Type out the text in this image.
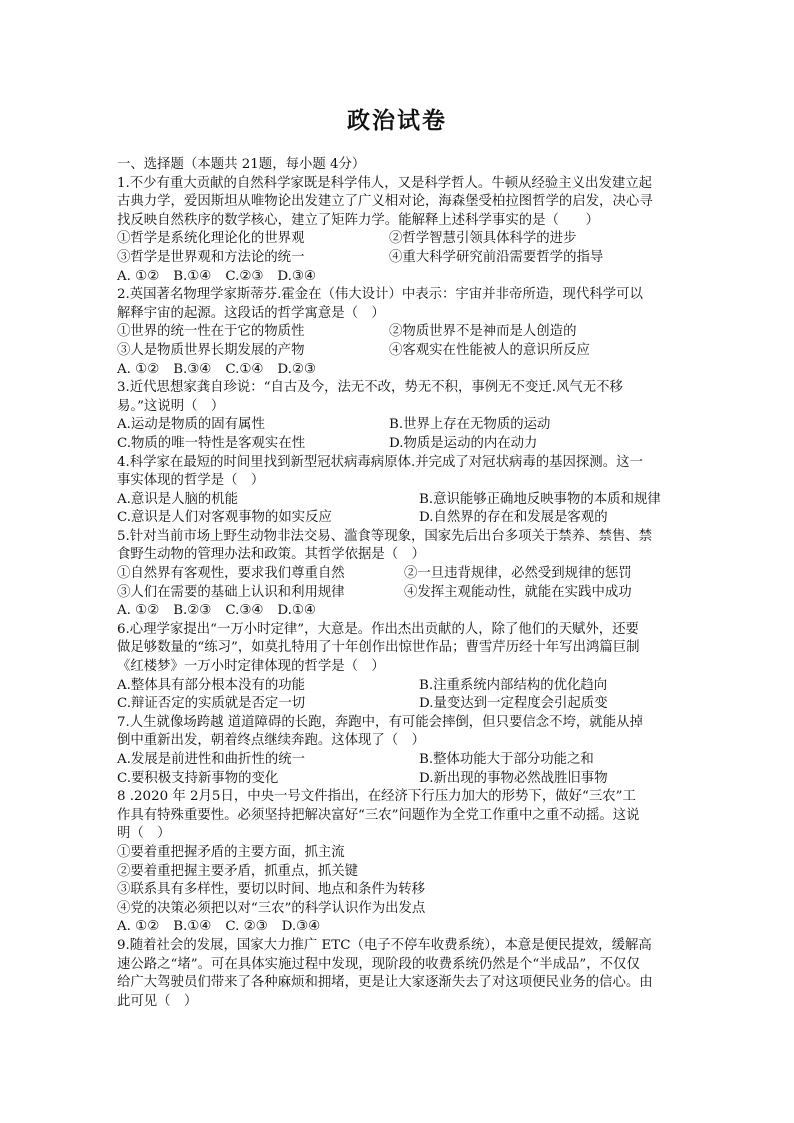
政治试卷
一、选择题（本题共 21题，每小题 4分）
1.不少有重大贡献的自然科学家既是科学伟人，又是科学哲人。牛顿从经验主义出发建立起
古典力学，爱因斯坦从唯物论出发建立了广义相对论，海森堡受柏拉图哲学的启发，决心寻
找反映自然秩序的数学核心，建立了矩阵力学。能解释上述科学事实的是（　　）
①哲学是系统化理论化的世界观	②哲学智慧引领具体科学的进步
③哲学是世界观和方法论的统一	④重大科学研究前沿需要哲学的指导
A. ①② B.①④ C.②③ D.③④
2.英国著名物理学家斯蒂芬.霍金在（伟大设计）中表示：宇宙并非帝所造，现代科学可以
解释宇宙的起源。这段话的哲学寓意是（　）
①世界的统一性在于它的物质性	②物质世界不是神而是人创造的
③人是物质世界长期发展的产物	④客观实在性能被人的意识所反应
A. ①② B.③④ C.①④ D.②③
3.近代思想家龚自珍说：“自古及今，法无不改，势无不积，事例无不变迁.风气无不移
易。”这说明（　）
A.运动是物质的固有属性	B.世界上存在无物质的运动
C.物质的唯一特性是客观实在性	D.物质是运动的内在动力
4.科学家在最短的时间里找到新型冠状病毒病原体.并完成了对冠状病毒的基因探测。这一
事实体现的哲学是（　）
A.意识是人脑的机能	B.意识能够正确地反映事物的本质和规律
C.意识是人们对客观事物的如实反应	D.自然界的存在和发展是客观的
5.针对当前市场上野生动物非法交易、滥食等现象，国家先后出台多项关于禁养、禁售、禁
食野生动物的管理办法和政策。其哲学依据是（　）
①自然界有客观性，要求我们尊重自然	②一旦违背规律，必然受到规律的惩罚
③人们在需要的基础上认识和利用规律	④发挥主观能动性，就能在实践中成功
A. ①② B.②③ C.③④ D.①④
6.心理学家提出“一万小时定律”，大意是。作出杰出贡献的人，除了他们的天赋外，还要
做足够数量的“练习”，如莫扎特用了十年创作出惊世作品；曹雪芹历经十年写出鸿篇巨制
《红楼梦》一万小时定律体现的哲学是（　）
A.整体具有部分根本没有的功能	B.注重系统内部结构的优化趋向
C.辩证否定的实质就是否定一切	D.量变达到一定程度会引起质变
7.人生就像场跨越 道道障碍的长跑，奔跑中，有可能会摔倒，但只要信念不垮，就能从掉
倒中重新出发，朝着终点继续奔跑。这体现了（　）
A.发展是前进性和曲折性的统一	B.整体功能大于部分功能之和
C.要积极支持新事物的变化	D.新出现的事物必然战胜旧事物
8 .2020 年 2月5日，中央一号文件指出，在经济下行压力加大的形势下，做好“三农”工
作具有特殊重要性。必须坚持把解决富好“三农”问题作为全党工作重中之重不动摇。这说
明（　）
①要着重把握矛盾的主要方面，抓主流
②要着重把握主要矛盾，抓重点，抓关键
③联系具有多样性，要切以时间、地点和条件为转移
④党的决策必须把以对“三农”的科学认识作为出发点
A. ①② B.①④ C. ②③ D.③④
9.随着社会的发展，国家大力推广 ETC（电子不停车收费系统），本意是便民提效，缓解高
速公路之“堵”。可在具体实施过程中发现，现阶段的收费系统仍然是个“半成品”，不仅仅
给广大驾驶员们带来了各种麻烦和拥堵，更是让大家逐渐失去了对这项便民业务的信心。由
此可见（　）
